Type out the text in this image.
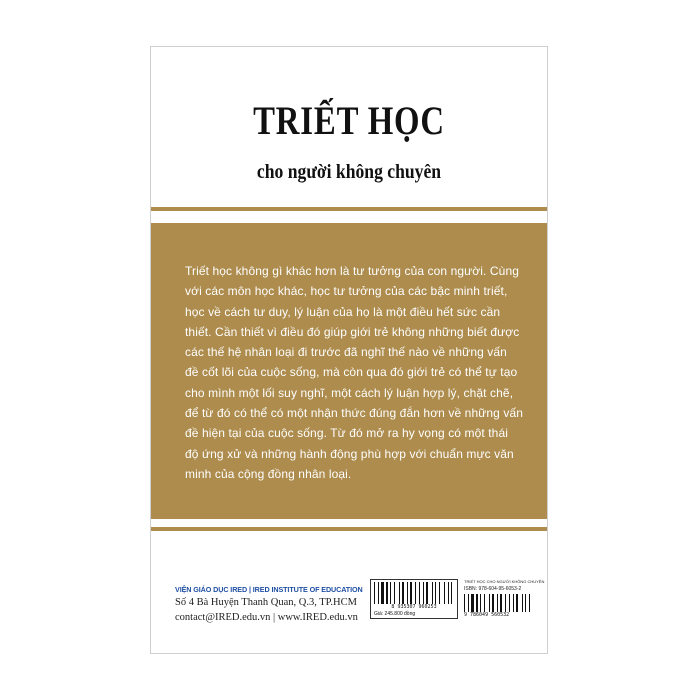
TRIẾT HỌC
cho người không chuyên
Triết học không gì khác hơn là tư tưởng của con người. Cùng với các môn học khác, học tư tưởng của các bậc minh triết, học về cách tư duy, lý luận của họ là một điều hết sức cần thiết. Cần thiết vì điều đó giúp giới trẻ không những biết được các thế hệ nhân loại đi trước đã nghĩ thế nào về những vấn đề cốt lõi của cuộc sống, mà còn qua đó giới trẻ có thể tự tạo cho mình một lối suy nghĩ, một cách lý luận hợp lý, chặt chẽ, để từ đó có thể có một nhận thức đúng đắn hơn về những vấn đề hiện tại của cuộc sống. Từ đó mở ra hy vọng có một thái độ ứng xử và những hành động phù hợp với chuẩn mực văn minh của cộng đồng nhân loại.
VIỆN GIÁO DỤC IRED | IRED INSTITUTE OF EDUCATION
Số 4 Bà Huyện Thanh Quan, Q.3, TP.HCM
contact@IRED.edu.vn | www.IRED.edu.vn
8 935307 960253
Giá: 245.800 đồng
TRIẾT HỌC CHO NGƯỜI KHÔNG CHUYÊN
ISBN: 978-604-95-6053-2
9 786049 560532
